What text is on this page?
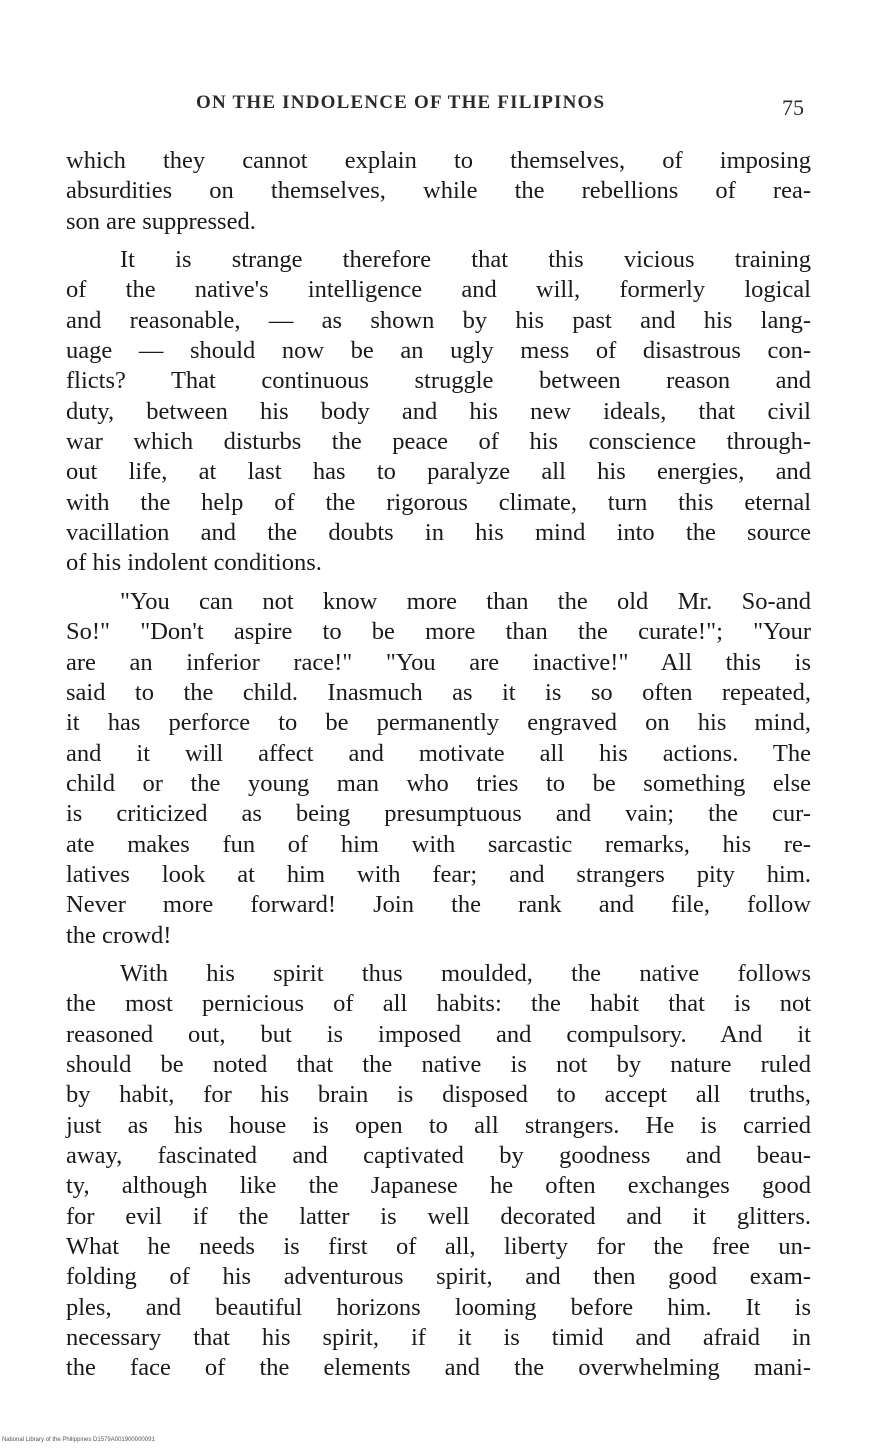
ON THE INDOLENCE OF THE FILIPINOS	75
which they cannot explain to themselves, of imposing
absurdities on themselves, while the rebellions of rea-
son are suppressed.
It is strange therefore that this vicious training
of the native's intelligence and will, formerly logical
and reasonable, — as shown by his past and his lang-
uage — should now be an ugly mess of disastrous con-
flicts? That continuous struggle between reason and
duty, between his body and his new ideals, that civil
war which disturbs the peace of his conscience through-
out life, at last has to paralyze all his energies, and
with the help of the rigorous climate, turn this eternal
vacillation and the doubts in his mind into the source
of his indolent conditions.
"You can not know more than the old Mr. So-and
So!" "Don't aspire to be more than the curate!"; "Your
are an inferior race!" "You are inactive!" All this is
said to the child. Inasmuch as it is so often repeated,
it has perforce to be permanently engraved on his mind,
and it will affect and motivate all his actions. The
child or the young man who tries to be something else
is criticized as being presumptuous and vain; the cur-
ate makes fun of him with sarcastic remarks, his re-
latives look at him with fear; and strangers pity him.
Never more forward! Join the rank and file, follow
the crowd!
With his spirit thus moulded, the native follows
the most pernicious of all habits: the habit that is not
reasoned out, but is imposed and compulsory. And it
should be noted that the native is not by nature ruled
by habit, for his brain is disposed to accept all truths,
just as his house is open to all strangers. He is carried
away, fascinated and captivated by goodness and beau-
ty, although like the Japanese he often exchanges good
for evil if the latter is well decorated and it glitters.
What he needs is first of all, liberty for the free un-
folding of his adventurous spirit, and then good exam-
ples, and beautiful horizons looming before him. It is
necessary that his spirit, if it is timid and afraid in
the face of the elements and the overwhelming mani-
National Library of the Philippines D1579A001900000091
